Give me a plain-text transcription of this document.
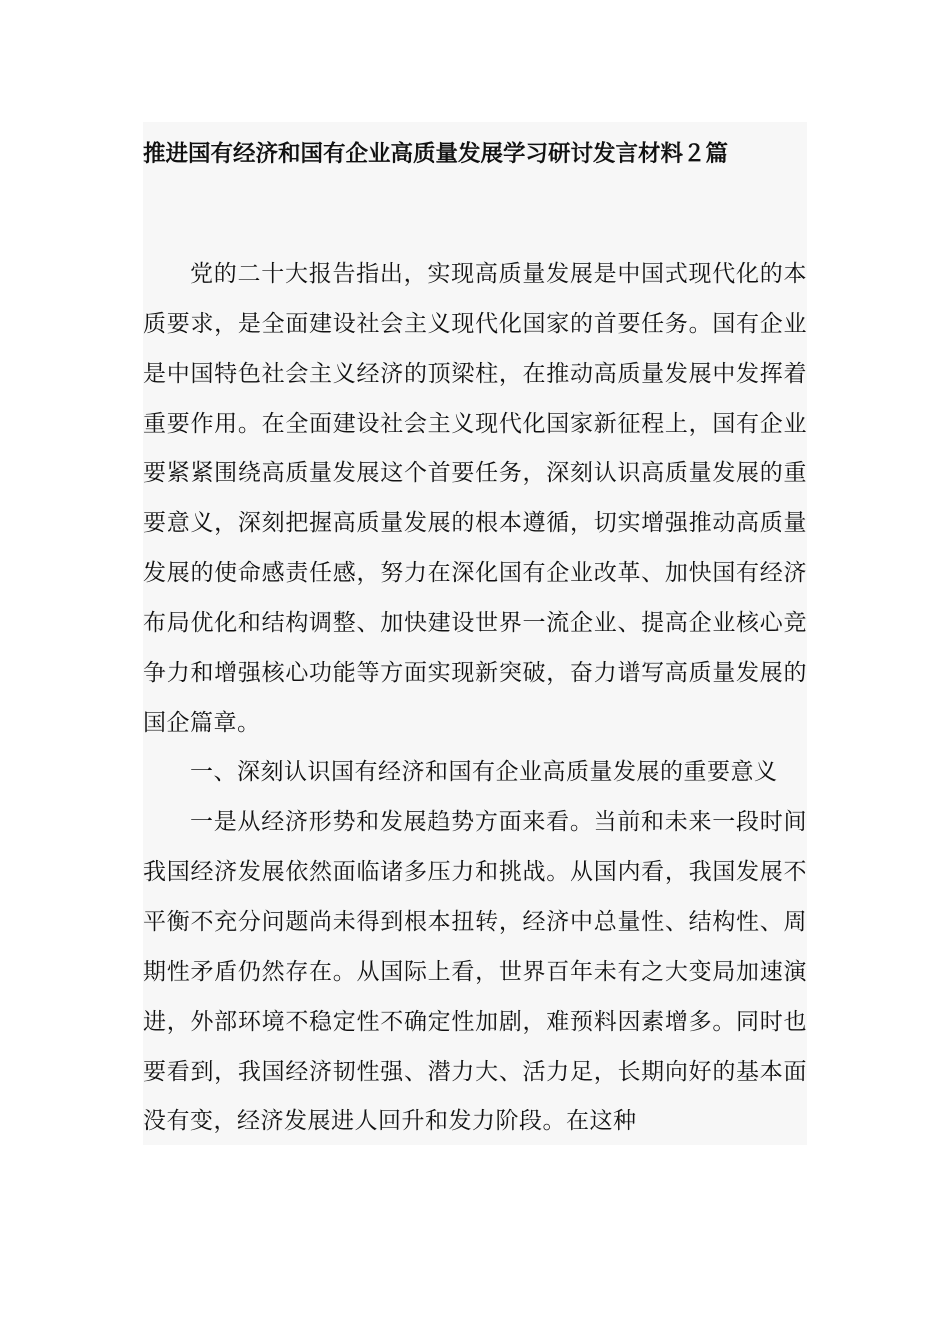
推进国有经济和国有企业高质量发展学习研讨发言材料２篇

党的二十大报告指出，实现高质量发展是中国式现代化的本质要求，是全面建设社会主义现代化国家的首要任务。国有企业是中国特色社会主义经济的顶梁柱，在推动高质量发展中发挥着重要作用。在全面建设社会主义现代化国家新征程上，国有企业要紧紧围绕高质量发展这个首要任务，深刻认识高质量发展的重要意义，深刻把握高质量发展的根本遵循，切实增强推动高质量发展的使命感责任感，努力在深化国有企业改革、加快国有经济布局优化和结构调整、加快建设世界一流企业、提高企业核心竞争力和增强核心功能等方面实现新突破，奋力谱写高质量发展的国企篇章。

一、深刻认识国有经济和国有企业高质量发展的重要意义

一是从经济形势和发展趋势方面来看。当前和未来一段时间我国经济发展依然面临诸多压力和挑战。从国内看，我国发展不平衡不充分问题尚未得到根本扭转，经济中总量性、结构性、周期性矛盾仍然存在。从国际上看，世界百年未有之大变局加速演进，外部环境不稳定性不确定性加剧，难预料因素增多。同时也要看到，我国经济韧性强、潜力大、活力足，长期向好的基本面没有变，经济发展进人回升和发力阶段。在这种
